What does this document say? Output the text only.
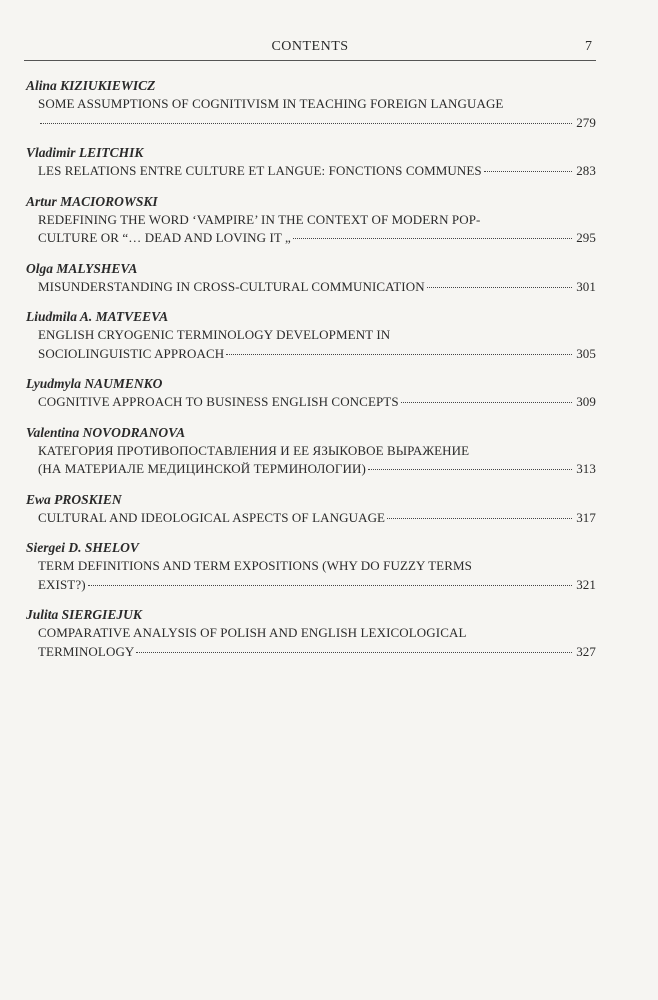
CONTENTS	7
Alina KIZIUKIEWICZ
SOME ASSUMPTIONS OF COGNITIVISM IN TEACHING FOREIGN LANGUAGE
279
Vladimir LEITCHIK
LES RELATIONS ENTRE CULTURE ET LANGUE: FONCTIONS COMMUNES	283
Artur MACIOROWSKI
REDEFINING THE WORD ‘VAMPIRE’ IN THE CONTEXT OF MODERN POP-
CULTURE OR “… DEAD AND LOVING IT „	295
Olga MALYSHEVA
MISUNDERSTANDING IN CROSS-CULTURAL COMMUNICATION	301
Liudmila A. MATVEEVA
ENGLISH CRYOGENIC TERMINOLOGY DEVELOPMENT IN
SOCIOLINGUISTIC APPROACH	305
Lyudmyla NAUMENKO
COGNITIVE APPROACH TO BUSINESS ENGLISH CONCEPTS	309
Valentina NOVODRANOVA
КАТЕГОРИЯ ПРОТИВОПОСТАВЛЕНИЯ И ЕЕ ЯЗЫКОВОЕ ВЫРАЖЕНИЕ
(НА МАТЕРИАЛЕ МЕДИЦИНСКОЙ ТЕРМИНОЛОГИИ)	313
Ewa PROSKIEN
CULTURAL AND IDEOLOGICAL ASPECTS OF LANGUAGE	317
Siergei D. SHELOV
TERM DEFINITIONS AND TERM EXPOSITIONS (WHY DO FUZZY TERMS
EXIST?)	321
Julita SIERGIEJUK
COMPARATIVE ANALYSIS OF POLISH AND ENGLISH LEXICOLOGICAL
TERMINOLOGY	327
